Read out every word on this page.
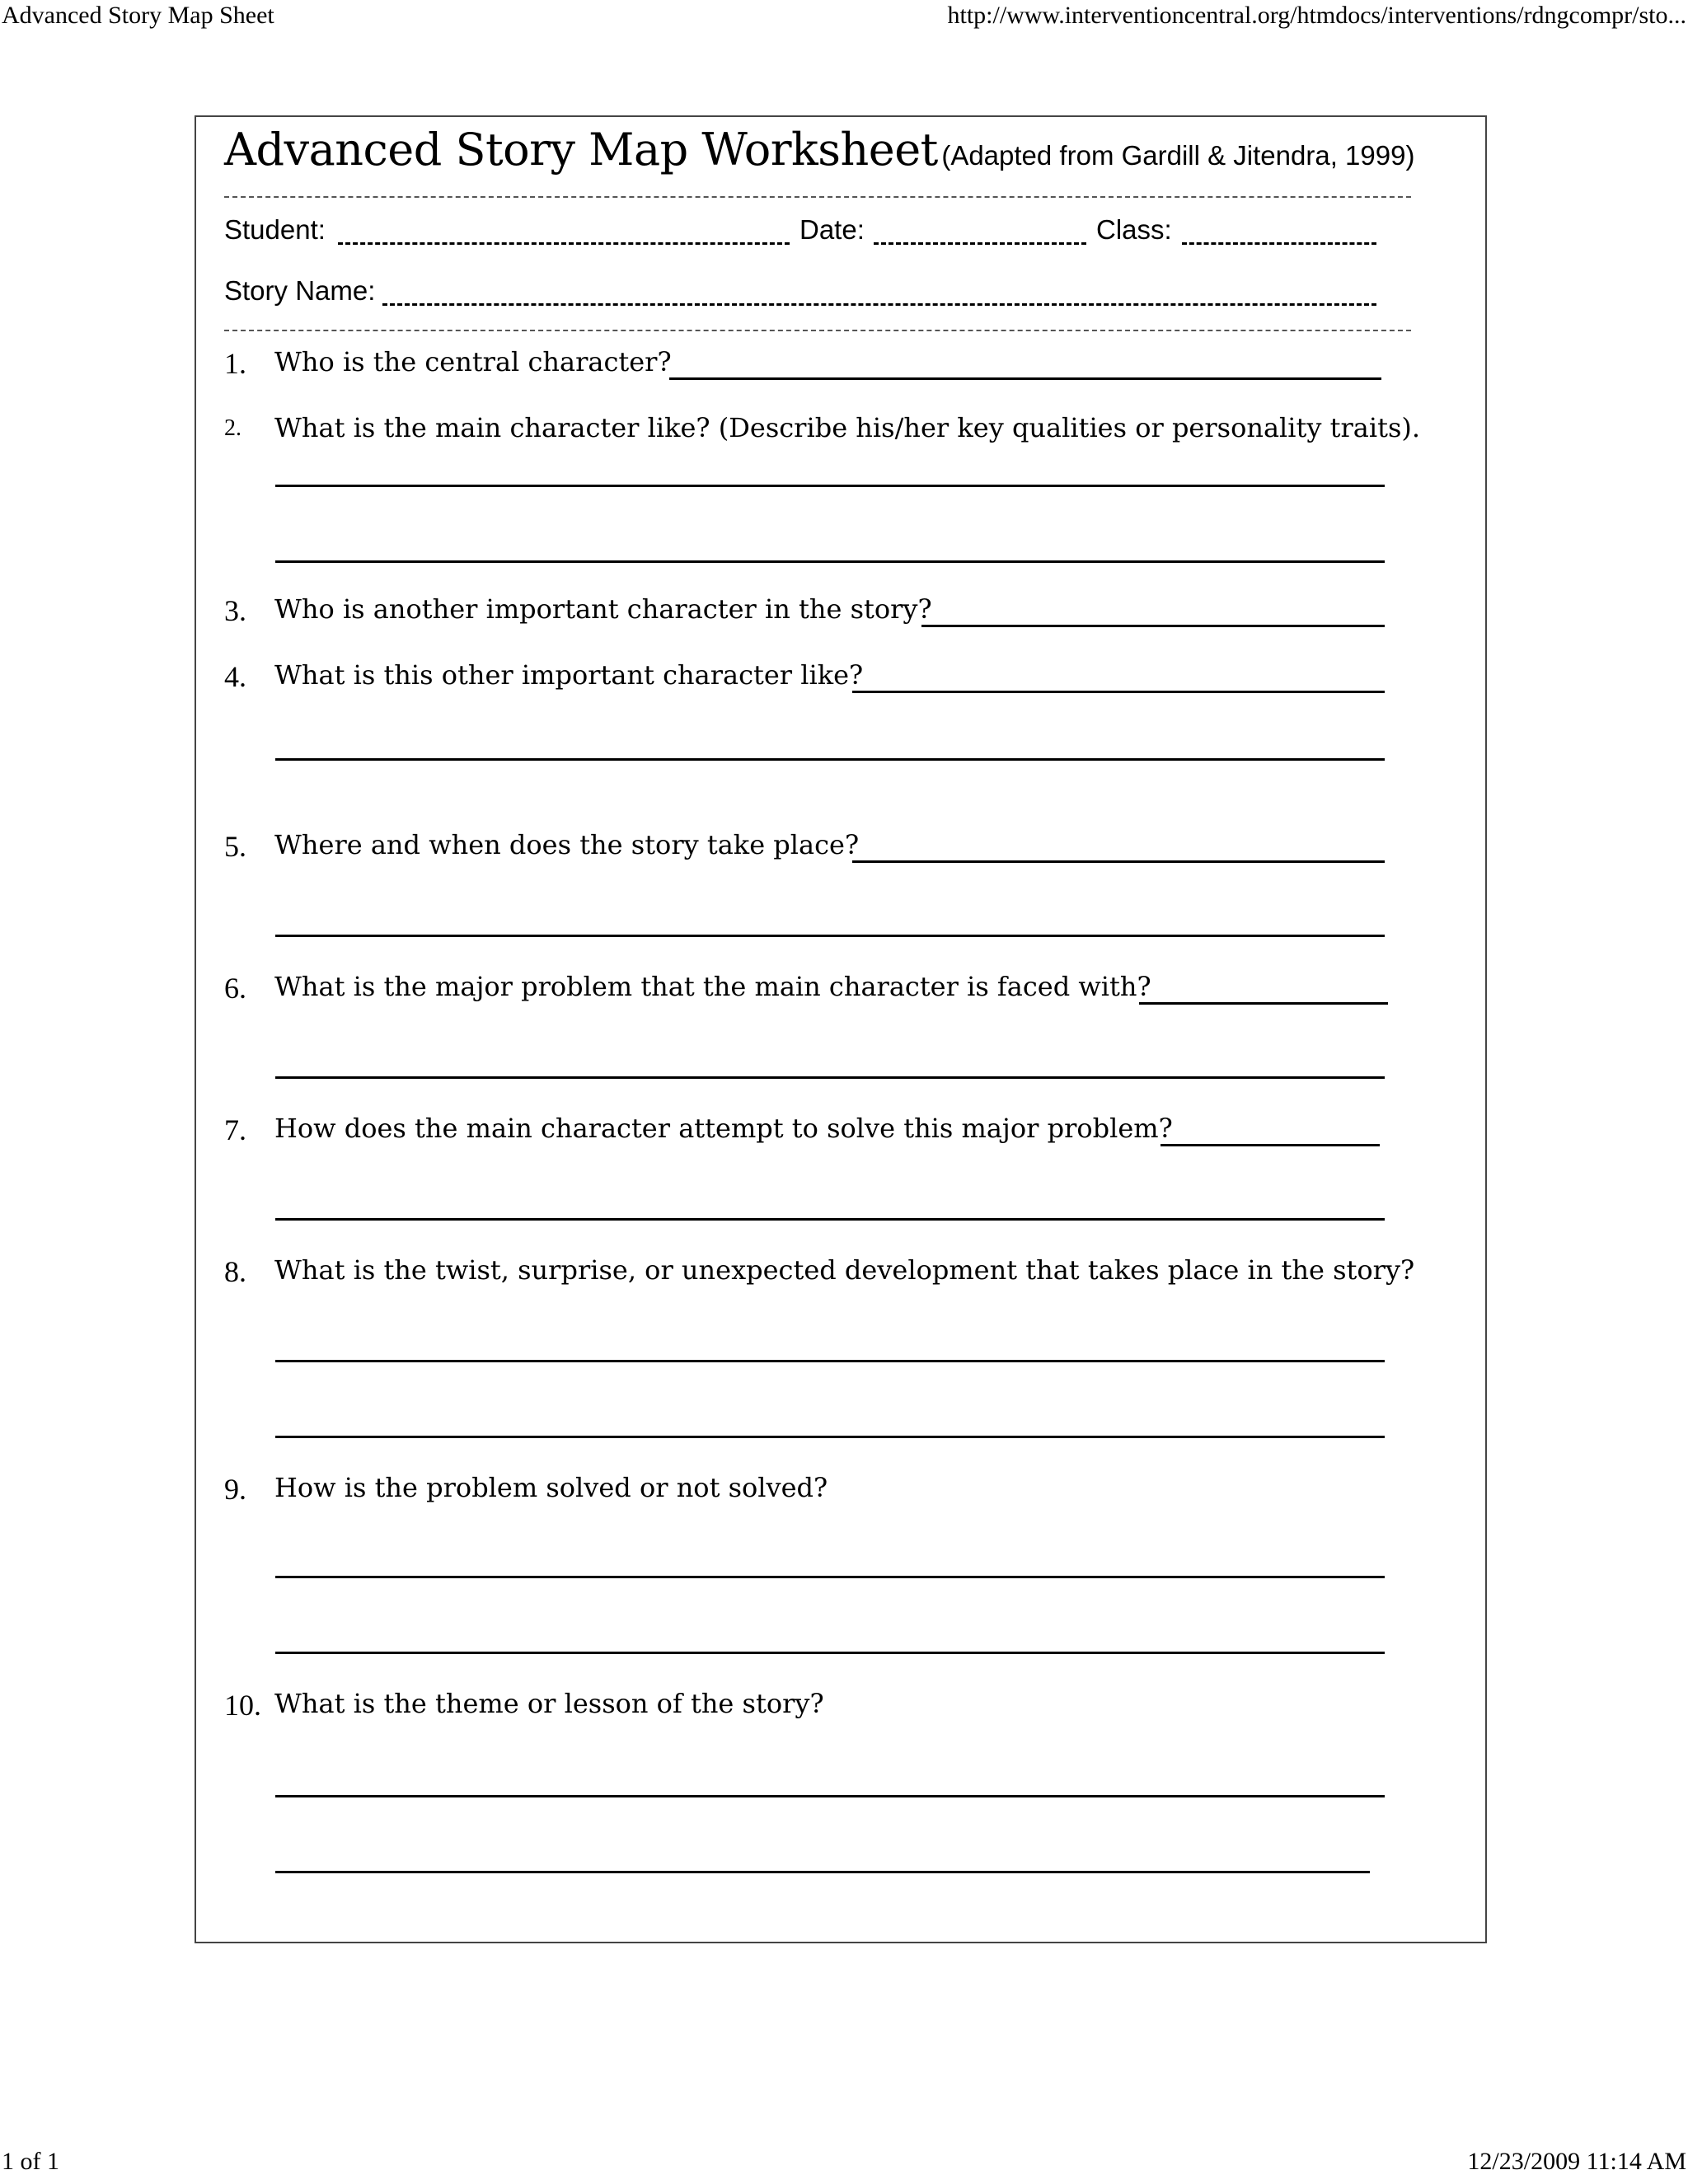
Advanced Story Map Sheet	http://www.interventioncentral.org/htmdocs/interventions/rdngcompr/sto...
Advanced Story Map Worksheet (Adapted from Gardill & Jitendra, 1999)
Student:	Date:	Class:
Story Name:
1. Who is the central character?
2. What is the main character like? (Describe his/her key qualities or personality traits).
3. Who is another important character in the story?
4. What is this other important character like?
5. Where and when does the story take place?
6. What is the major problem that the main character is faced with?
7. How does the main character attempt to solve this major problem?
8. What is the twist, surprise, or unexpected development that takes place in the story?
9. How is the problem solved or not solved?
10. What is the theme or lesson of the story?
1 of 1	12/23/2009 11:14 AM
